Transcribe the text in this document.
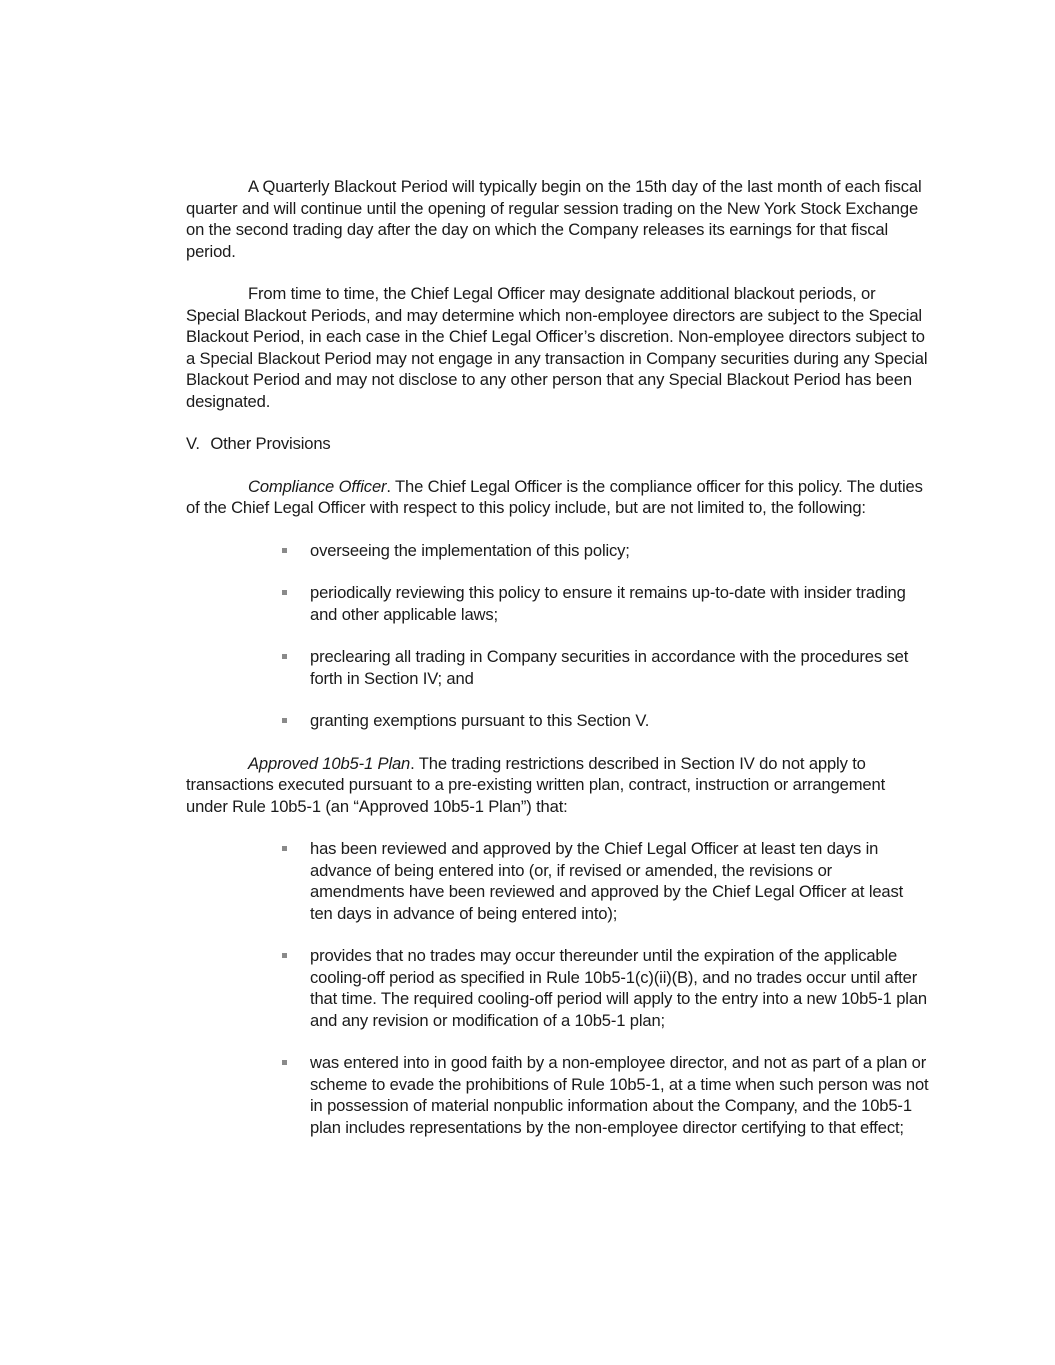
A Quarterly Blackout Period will typically begin on the 15th day of the last month of each fiscal quarter and will continue until the opening of regular session trading on the New York Stock Exchange on the second trading day after the day on which the Company releases its earnings for that fiscal period.

From time to time, the Chief Legal Officer may designate additional blackout periods, or Special Blackout Periods, and may determine which non-employee directors are subject to the Special Blackout Period, in each case in the Chief Legal Officer’s discretion. Non-employee directors subject to a Special Blackout Period may not engage in any transaction in Company securities during any Special Blackout Period and may not disclose to any other person that any Special Blackout Period has been designated.

V. Other Provisions

Compliance Officer. The Chief Legal Officer is the compliance officer for this policy. The duties of the Chief Legal Officer with respect to this policy include, but are not limited to, the following:

overseeing the implementation of this policy;
periodically reviewing this policy to ensure it remains up-to-date with insider trading and other applicable laws;
preclearing all trading in Company securities in accordance with the procedures set forth in Section IV; and
granting exemptions pursuant to this Section V.

Approved 10b5-1 Plan. The trading restrictions described in Section IV do not apply to transactions executed pursuant to a pre-existing written plan, contract, instruction or arrangement under Rule 10b5-1 (an “Approved 10b5-1 Plan”) that:

has been reviewed and approved by the Chief Legal Officer at least ten days in advance of being entered into (or, if revised or amended, the revisions or amendments have been reviewed and approved by the Chief Legal Officer at least ten days in advance of being entered into);
provides that no trades may occur thereunder until the expiration of the applicable cooling-off period as specified in Rule 10b5-1(c)(ii)(B), and no trades occur until after that time. The required cooling-off period will apply to the entry into a new 10b5-1 plan and any revision or modification of a 10b5-1 plan;
was entered into in good faith by a non-employee director, and not as part of a plan or scheme to evade the prohibitions of Rule 10b5-1, at a time when such person was not in possession of material nonpublic information about the Company, and the 10b5-1 plan includes representations by the non-employee director certifying to that effect;
